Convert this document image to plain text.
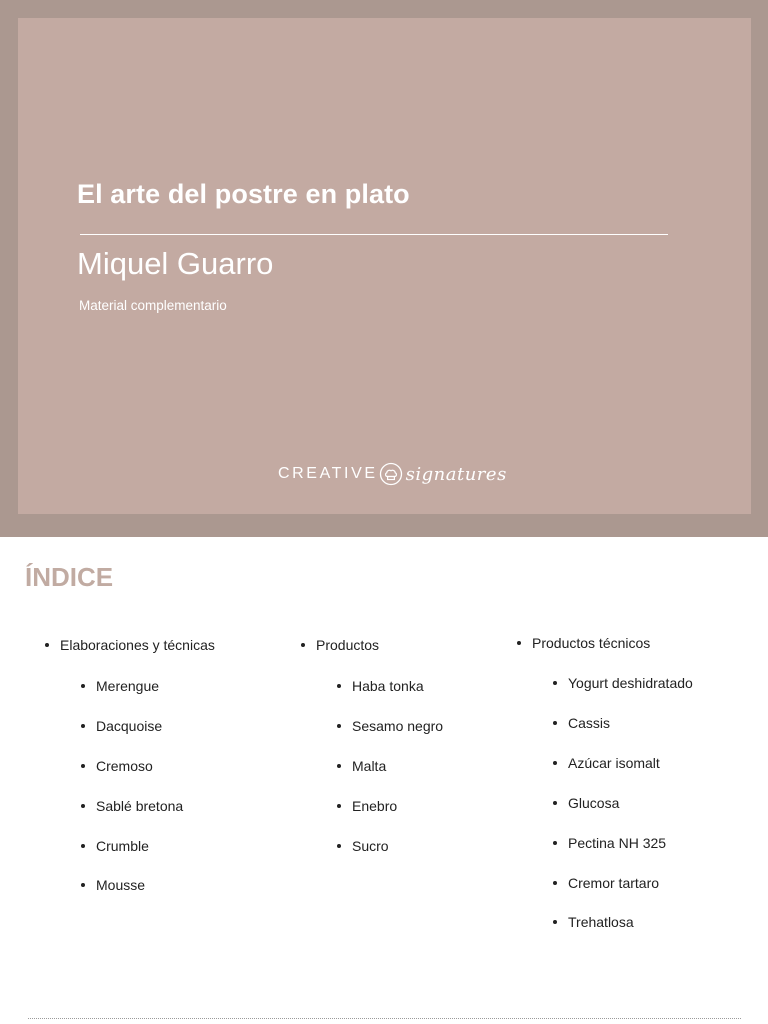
El arte del postre en plato
Miquel Guarro
Material complementario
CREATIVE signatures
ÍNDICE
Elaboraciones y técnicas
Merengue
Dacquoise
Cremoso
Sablé bretona
Crumble
Mousse
Productos
Haba tonka
Sesamo negro
Malta
Enebro
Sucro
Productos técnicos
Yogurt deshidratado
Cassis
Azúcar isomalt
Glucosa
Pectina NH 325
Cremor tartaro
Trehatlosa
